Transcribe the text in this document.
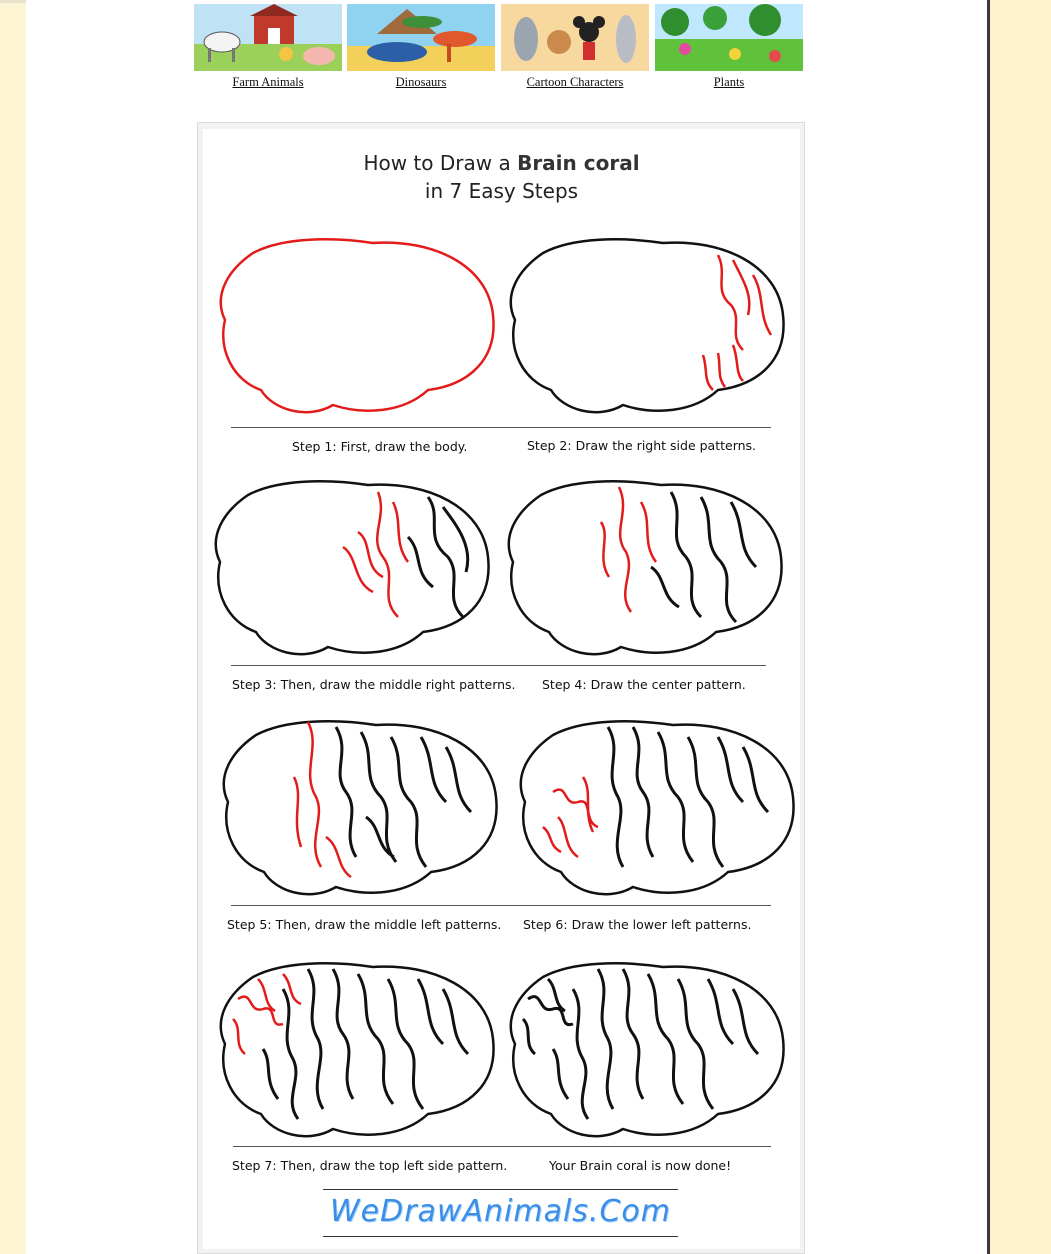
Farm Animals	Dinosaurs	Cartoon Characters	Plants
How to Draw a Brain coral
in 7 Easy Steps
Step 1: First, draw the body.	Step 2: Draw the right side patterns.
Step 3: Then, draw the middle right patterns. Step 4: Draw the center pattern.
Step 5: Then, draw the middle left patterns. Step 6: Draw the lower left patterns.
Step 7: Then, draw the top left side pattern.	Your Brain coral is now done!
WeDrawAnimals.Com
